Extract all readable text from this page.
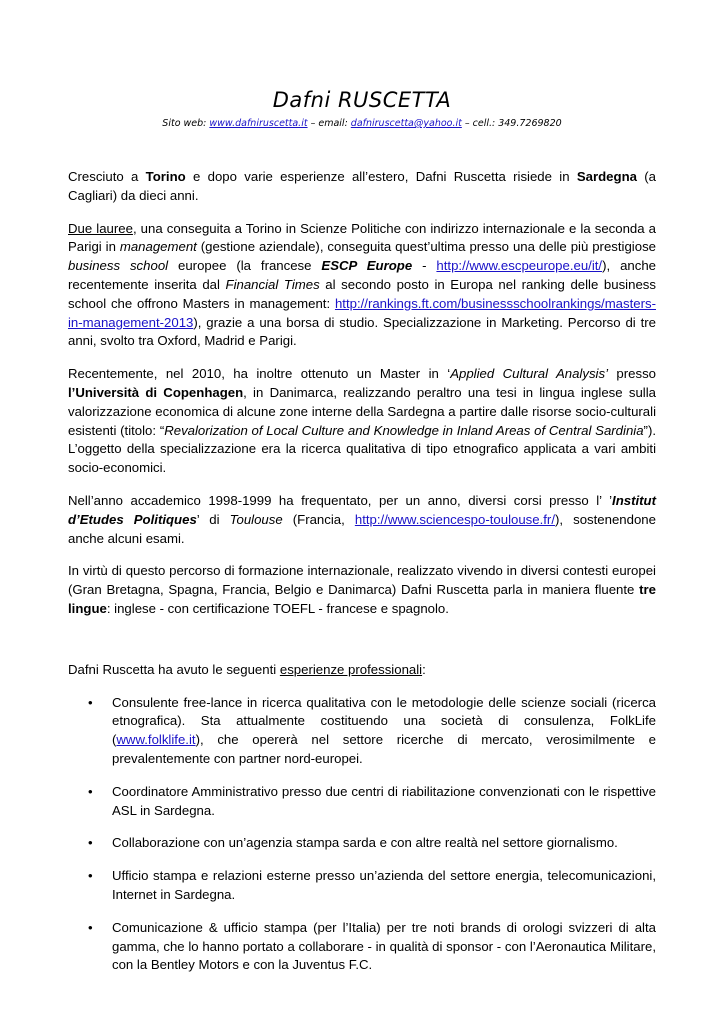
Dafni RUSCETTA
Sito web: www.dafniruscetta.it – email: dafniruscetta@yahoo.it – cell.: 349.7269820

Cresciuto a Torino e dopo varie esperienze all’estero, Dafni Ruscetta risiede in Sardegna (a Cagliari) da dieci anni.

Due lauree, una conseguita a Torino in Scienze Politiche con indirizzo internazionale e la seconda a Parigi in management (gestione aziendale), conseguita quest’ultima presso una delle più prestigiose business school europee (la francese ESCP Europe - http://www.escpeurope.eu/it/), anche recentemente inserita dal Financial Times al secondo posto in Europa nel ranking delle business school che offrono Masters in management: http://rankings.ft.com/businessschoolrankings/masters-in-management-2013), grazie a una borsa di studio. Specializzazione in Marketing. Percorso di tre anni, svolto tra Oxford, Madrid e Parigi.

Recentemente, nel 2010, ha inoltre ottenuto un Master in ‘Applied Cultural Analysis’ presso l’Università di Copenhagen, in Danimarca, realizzando peraltro una tesi in lingua inglese sulla valorizzazione economica di alcune zone interne della Sardegna a partire dalle risorse socio-culturali esistenti (titolo: “Revalorization of Local Culture and Knowledge in Inland Areas of Central Sardinia”). L’oggetto della specializzazione era la ricerca qualitativa di tipo etnografico applicata a vari ambiti socio-economici.

Nell’anno accademico 1998-1999 ha frequentato, per un anno, diversi corsi presso l’ ’Institut d’Etudes Politiques’ di Toulouse (Francia, http://www.sciencespo-toulouse.fr/), sostenendone anche alcuni esami.

In virtù di questo percorso di formazione internazionale, realizzato vivendo in diversi contesti europei (Gran Bretagna, Spagna, Francia, Belgio e Danimarca) Dafni Ruscetta parla in maniera fluente tre lingue: inglese - con certificazione TOEFL - francese e spagnolo.

Dafni Ruscetta ha avuto le seguenti esperienze professionali:

• Consulente free-lance in ricerca qualitativa con le metodologie delle scienze sociali (ricerca etnografica). Sta attualmente costituendo una società di consulenza, FolkLife (www.folklife.it), che opererà nel settore ricerche di mercato, verosimilmente e prevalentemente con partner nord-europei.
• Coordinatore Amministrativo presso due centri di riabilitazione convenzionati con le rispettive ASL in Sardegna.
• Collaborazione con un’agenzia stampa sarda e con altre realtà nel settore giornalismo.
• Ufficio stampa e relazioni esterne presso un’azienda del settore energia, telecomunicazioni, Internet in Sardegna.
• Comunicazione & ufficio stampa (per l’Italia) per tre noti brands di orologi svizzeri di alta gamma, che lo hanno portato a collaborare - in qualità di sponsor - con l’Aeronautica Militare, con la Bentley Motors e con la Juventus F.C.
